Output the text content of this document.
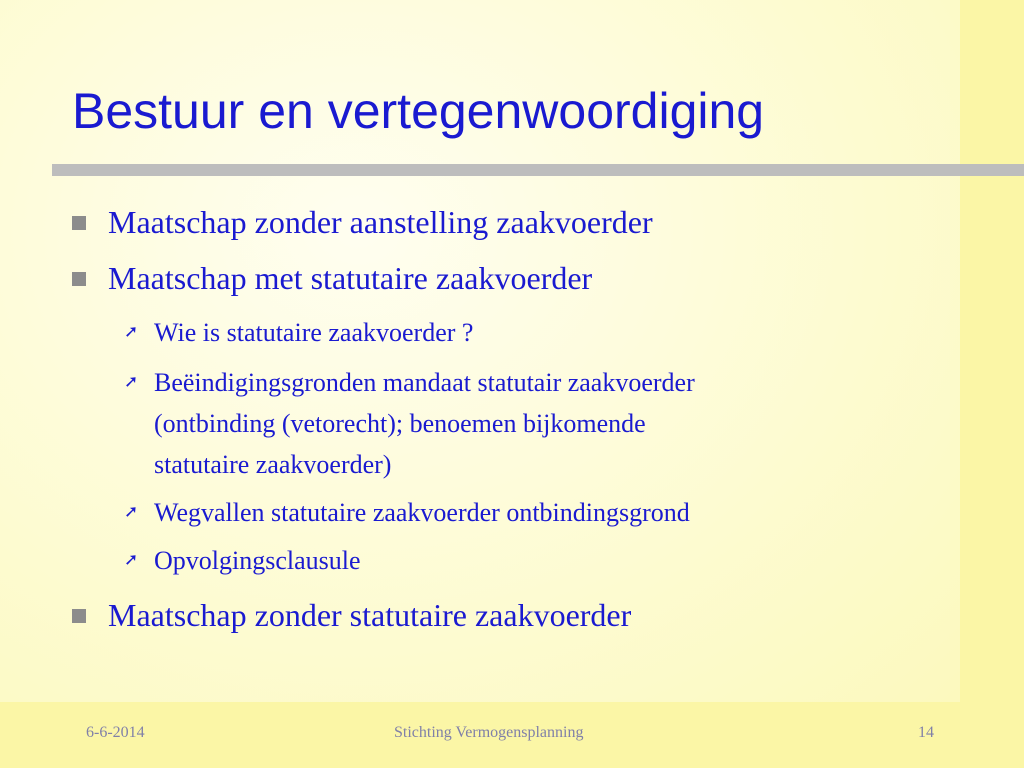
Bestuur en vertegenwoordiging
Maatschap zonder aanstelling zaakvoerder
Maatschap met statutaire zaakvoerder
➚ Wie is statutaire zaakvoerder ?
➚ Beëindigingsgronden mandaat statutair zaakvoerder
(ontbinding (vetorecht); benoemen bijkomende
statutaire zaakvoerder)
➚ Wegvallen statutaire zaakvoerder ontbindingsgrond
➚ Opvolgingsclausule
Maatschap zonder statutaire zaakvoerder
6-6-2014	Stichting Vermogensplanning	14
